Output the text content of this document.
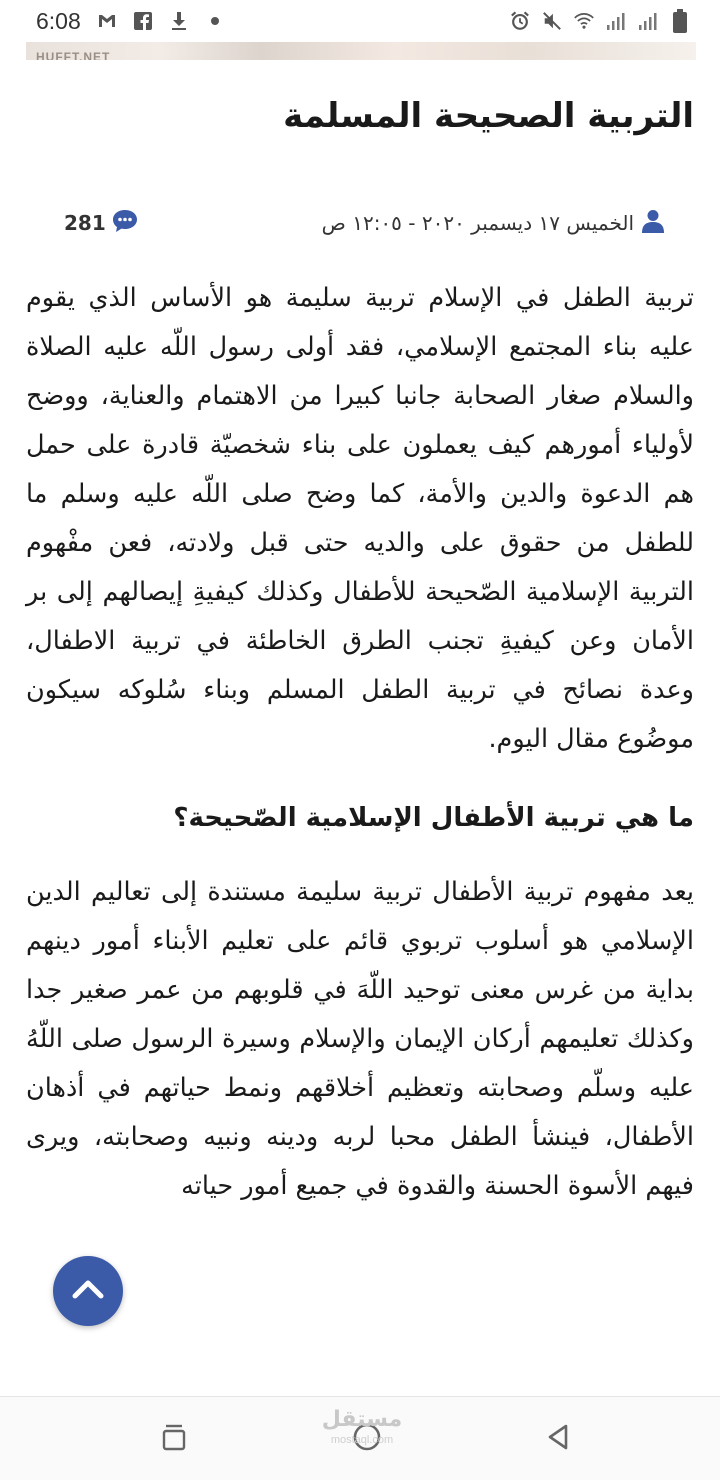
6:08
HUFFT.NET
التربية الصحيحة المسلمة
الخميس ١٧ ديسمبر ٢٠٢٠ - ١٢:٠٥ ص
281

تربية الطفل في الإسلام تربية سليمة هو الأساس الذي يقوم عليه بناء المجتمع الإسلامي، فقد أولى رسول اللّه عليه الصلاة والسلام صغار الصحابة جانبا كبيرا من الاهتمام والعناية، ووضح لأولياء أمورهم كيف يعملون على بناء شخصيّة قادرة على حمل هم الدعوة والدين والأمة، كما وضح صلى اللّه عليه وسلم ما للطفل من حقوق على والديه حتى قبل ولادته، فعن مفْهوم التربية الإسلامية الصّحيحة للأطفال وكذلك كيفيةِ إيصالهم إلى بر الأمان وعن كيفيةِ تجنب الطرق الخاطئة في تربية الاطفال، وعدة نصائح في تربية الطفل المسلم وبناء سُلوكه سيكون موضُوع مقال اليوم.

ما هي تربية الأطفال الإسلامية الصّحيحة؟

يعد مفهوم تربية الأطفال تربية سليمة مستندة إلى تعاليم الدين الإسلامي هو أسلوب تربوي قائم على تعليم الأبناء أمور دينهم بداية من غرس معنى توحيد اللّهَ في قلوبهم من عمر صغير جدا وكذلك تعليمهم أركان الإيمان والإسلام وسيرة الرسول صلى اللّهُ عليه وسلّم وصحابته وتعظيم أخلاقهم ونمط حياتهم في أذهان الأطفال، فينشأ الطفل محبا لربه ودينه ونبيه وصحابته، ويرى فيهم الأسوة الحسنة والقدوة في جميع أمور حياته

مستقل
mostaql.com
